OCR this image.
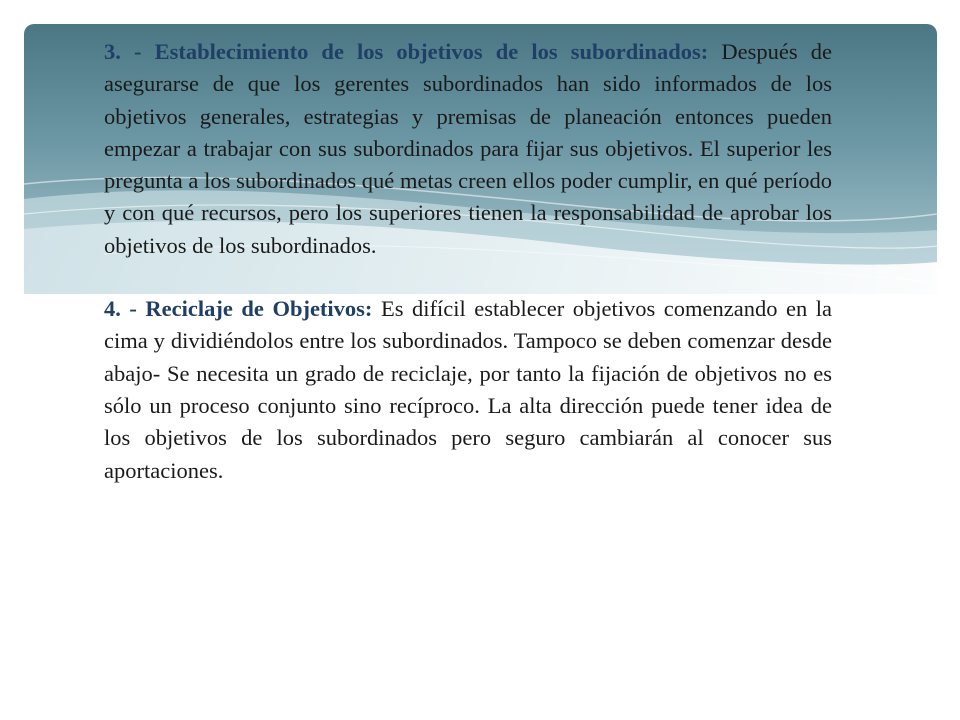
3. - Establecimiento de los objetivos de los subordinados: Después de asegurarse de que los gerentes subordinados han sido informados de los objetivos generales, estrategias y premisas de planeación entonces pueden empezar a trabajar con sus subordinados para fijar sus objetivos. El superior les pregunta a los subordinados qué metas creen ellos poder cumplir, en qué período y con qué recursos, pero los superiores tienen la responsabilidad de aprobar los objetivos de los subordinados.

4. - Reciclaje de Objetivos: Es difícil establecer objetivos comenzando en la cima y dividiéndolos entre los subordinados. Tampoco se deben comenzar desde abajo- Se necesita un grado de reciclaje, por tanto la fijación de objetivos no es sólo un proceso conjunto sino recíproco. La alta dirección puede tener idea de los objetivos de los subordinados pero seguro cambiarán al conocer sus aportaciones.
